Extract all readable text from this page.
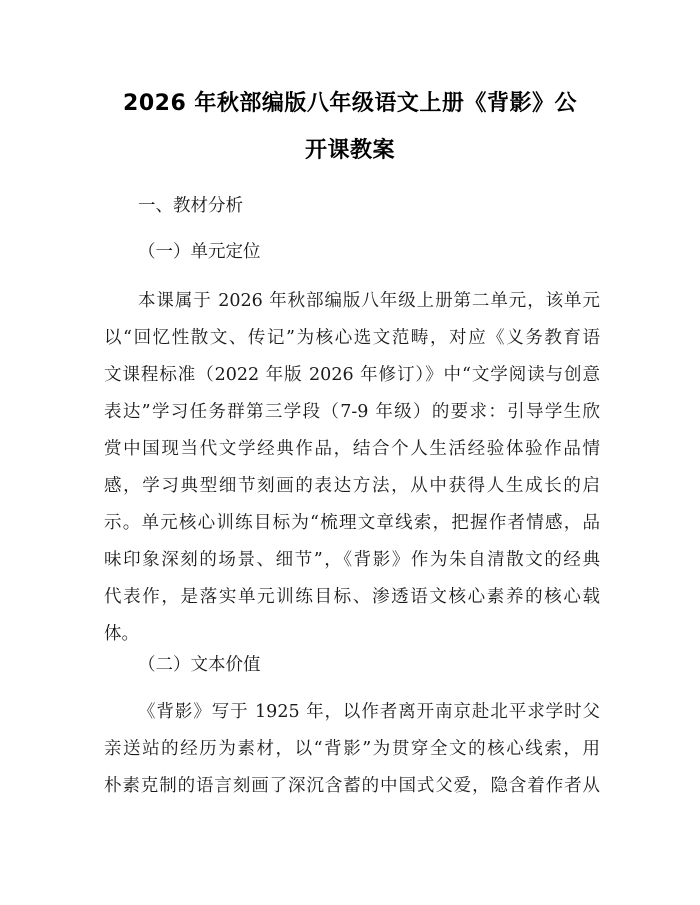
2026 年秋部编版八年级语文上册《背影》公
开课教案
一、教材分析
（一）单元定位
本课属于 2026 年秋部编版八年级上册第二单元，该单元
以“回忆性散文、传记”为核心选文范畴，对应《义务教育语
文课程标准（2022 年版 2026 年修订）》中“文学阅读与创意
表达”学习任务群第三学段（7-9 年级）的要求：引导学生欣
赏中国现当代文学经典作品，结合个人生活经验体验作品情
感，学习典型细节刻画的表达方法，从中获得人生成长的启
示。单元核心训练目标为“梳理文章线索，把握作者情感，品
味印象深刻的场景、细节”，《背影》作为朱自清散文的经典
代表作，是落实单元训练目标、渗透语文核心素养的核心载
体。
（二）文本价值
《背影》写于 1925 年，以作者离开南京赴北平求学时父
亲送站的经历为素材，以“背影”为贯穿全文的核心线索，用
朴素克制的语言刻画了深沉含蓄的中国式父爱，隐含着作者从
